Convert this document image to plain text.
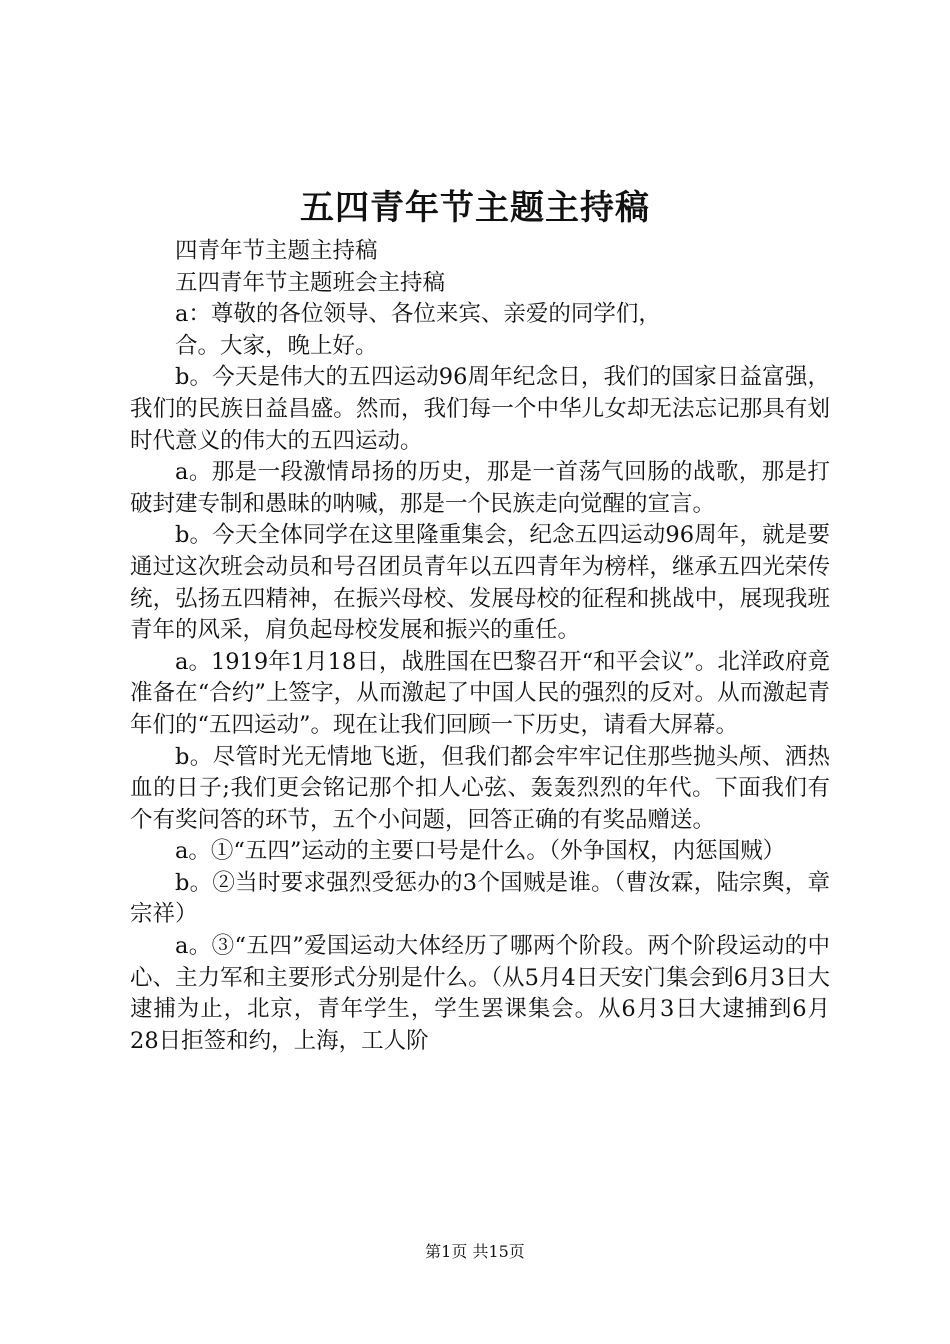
五四青年节主题主持稿

四青年节主题主持稿

五四青年节主题班会主持稿

a：尊敬的各位领导、各位来宾、亲爱的同学们，

合。大家，晚上好。

b。今天是伟大的五四运动96周年纪念日，我们的国家日益富强，我们的民族日益昌盛。然而，我们每一个中华儿女却无法忘记那具有划时代意义的伟大的五四运动。

a。那是一段激情昂扬的历史，那是一首荡气回肠的战歌，那是打破封建专制和愚昧的呐喊，那是一个民族走向觉醒的宣言。

b。今天全体同学在这里隆重集会，纪念五四运动96周年，就是要通过这次班会动员和号召团员青年以五四青年为榜样，继承五四光荣传统，弘扬五四精神，在振兴母校、发展母校的征程和挑战中，展现我班青年的风采，肩负起母校发展和振兴的重任。

a。1919年1月18日，战胜国在巴黎召开“和平会议”。北洋政府竟准备在“合约”上签字，从而激起了中国人民的强烈的反对。从而激起青年们的“五四运动”。现在让我们回顾一下历史，请看大屏幕。

b。尽管时光无情地飞逝，但我们都会牢牢记住那些抛头颅、洒热血的日子;我们更会铭记那个扣人心弦、轰轰烈烈的年代。下面我们有个有奖问答的环节，五个小问题，回答正确的有奖品赠送。

a。①“五四”运动的主要口号是什么。（外争国权，内惩国贼）

b。②当时要求强烈受惩办的3个国贼是谁。（曹汝霖，陆宗舆，章宗祥）

a。③“五四”爱国运动大体经历了哪两个阶段。两个阶段运动的中心、主力军和主要形式分别是什么。（从5月4日天安门集会到6月3日大逮捕为止，北京，青年学生，学生罢课集会。从6月3日大逮捕到6月28日拒签和约，上海，工人阶

第1页 共15页
